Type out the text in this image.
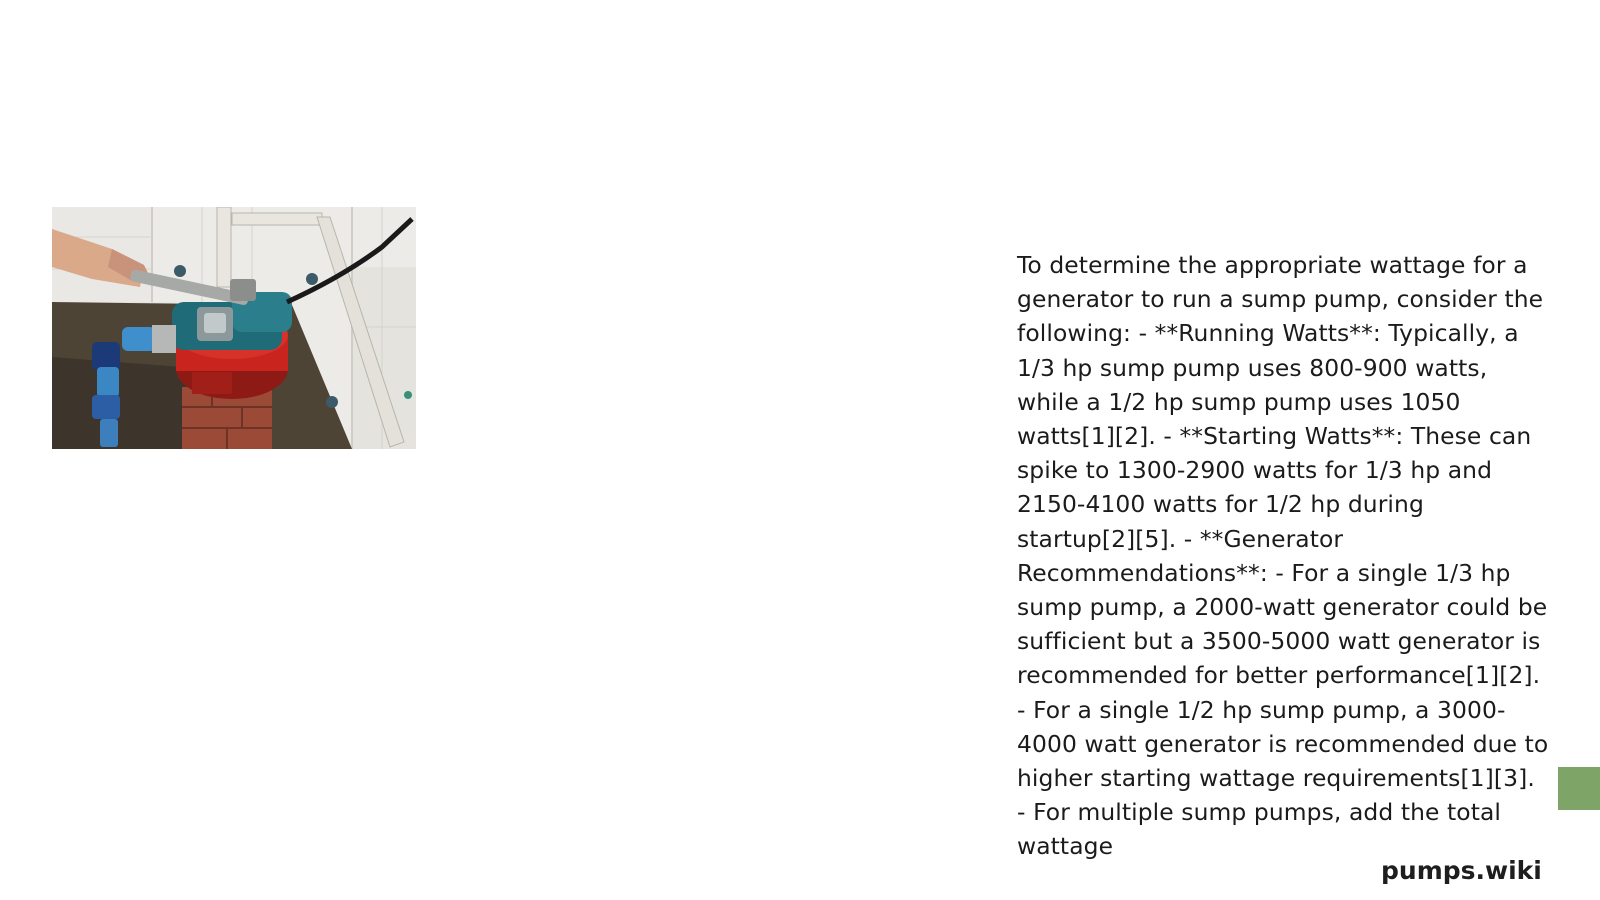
To determine the appropriate wattage for a generator to run a sump pump, consider the following: - **Running Watts**: Typically, a 1/3 hp sump pump uses 800-900 watts, while a 1/2 hp sump pump uses 1050 watts[1][2]. - **Starting Watts**: These can spike to 1300-2900 watts for 1/3 hp and 2150-4100 watts for 1/2 hp during startup[2][5]. - **Generator Recommendations**: - For a single 1/3 hp sump pump, a 2000-watt generator could be sufficient but a 3500-5000 watt generator is recommended for better performance[1][2]. - For a single 1/2 hp sump pump, a 3000-4000 watt generator is recommended due to higher starting wattage requirements[1][3]. - For multiple sump pumps, add the total wattage
pumps.wiki
